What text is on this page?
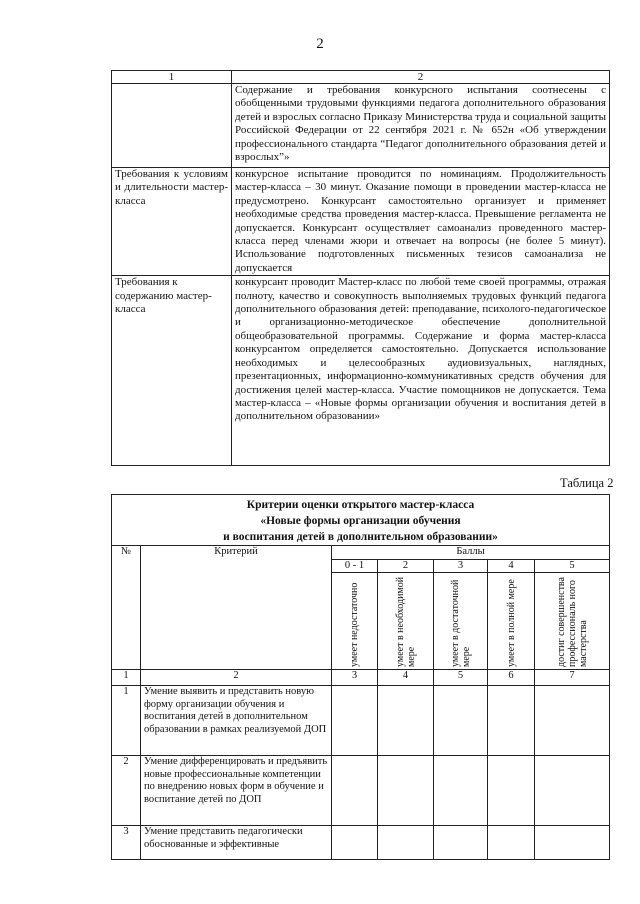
2
1	2
	Содержание и требования конкурсного испытания соотнесены с обобщенными трудовыми функциями педагога дополнительного образования детей и взрослых согласно Приказу Министерства труда и социальной защиты Российской Федерации от 22 сентября 2021 г. № 652н «Об утверждении профессионального стандарта “Педагог дополнительного образования детей и взрослых”»
Требования к условиям и длительности мастер-класса	конкурсное испытание проводится по номинациям. Продолжительность мастер-класса – 30 минут. Оказание помощи в проведении мастер-класса не предусмотрено. Конкурсант самостоятельно организует и применяет необходимые средства проведения мастер-класса. Превышение регламента не допускается. Конкурсант осуществляет самоанализ проведенного мастер-класса перед членами жюри и отвечает на вопросы (не более 5 минут). Использование подготовленных письменных тезисов самоанализа не допускается
Требования к содержанию мастер-класса	конкурсант проводит Мастер-класс по любой теме своей программы, отражая полноту, качество и совокупность выполняемых трудовых функций педагога дополнительного образования детей: преподавание, психолого-педагогическое и организационно-методическое обеспечение дополнительной общеобразовательной программы. Содержание и форма мастер-класса конкурсантом определяется самостоятельно. Допускается использование необходимых и целесообразных аудиовизуальных, наглядных, презентационных, информационно-коммуникативных средств обучения для достижения целей мастер-класса. Участие помощников не допускается. Тема мастер-класса – «Новые формы организации обучения и воспитания детей в дополнительном образовании»
Таблица 2
Критерии оценки открытого мастер-класса
«Новые формы организации обучения
и воспитания детей в дополнительном образовании»						

№	Критерий	Баллы				
		0 - 1	2	3	4	5

		умеет недостаточно	умеет в необходимой мере	умеет в достаточной мере	умеет в полной мере	достиг совершенства профессиональ ного мастерства

1	2	3	4	5	6	7
1	Умение выявить и представить новую форму организации обучения и воспитания детей в дополнительном образовании в рамках реализуемой ДОП					
2	Умение дифференцировать и предъявить новые профессиональные компетенции по внедрению новых форм в обучение и воспитание детей по ДОП					
3	Умение представить педагогически обоснованные и эффективные					
